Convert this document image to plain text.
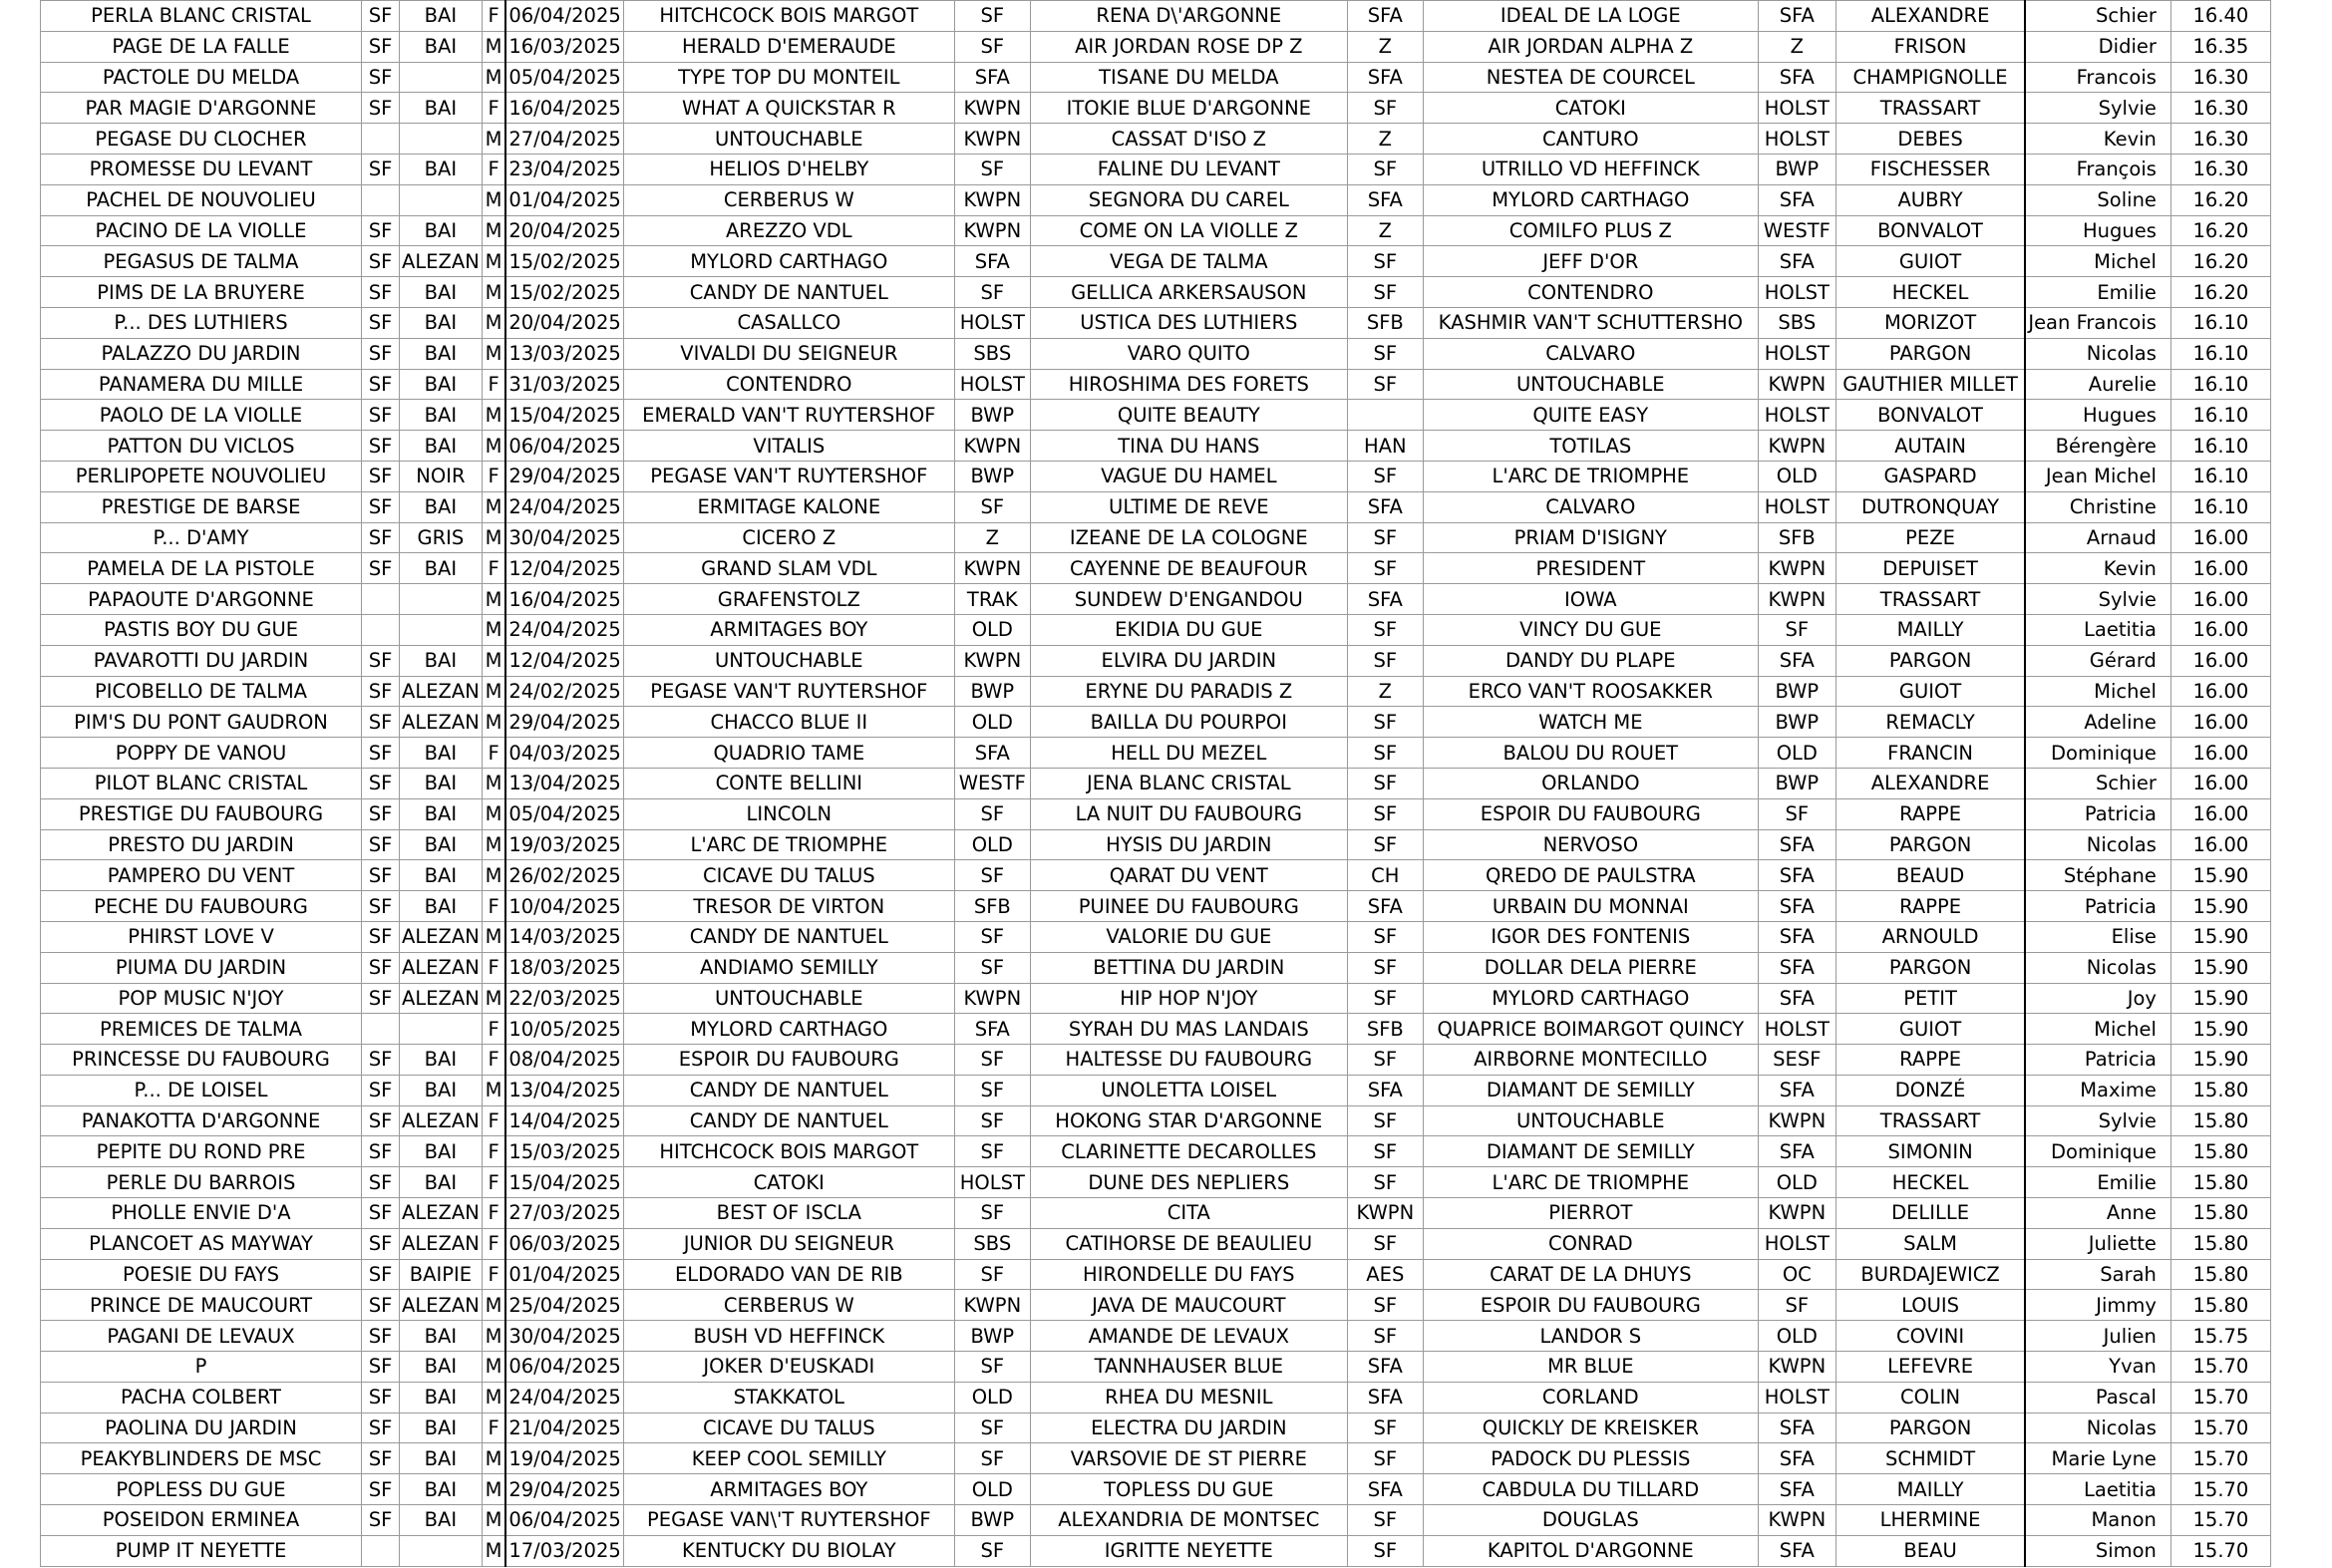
PERLA BLANC CRISTAL	SF	BAI	F	06/04/2025	HITCHCOCK BOIS MARGOT	SF	RENA D\'ARGONNE	SFA	IDEAL DE LA LOGE	SFA	ALEXANDRE	Schier	16.40
PAGE DE LA FALLE	SF	BAI	M	16/03/2025	HERALD D'EMERAUDE	SF	AIR JORDAN ROSE DP Z	Z	AIR JORDAN ALPHA Z	Z	FRISON	Didier	16.35
PACTOLE DU MELDA	SF		M	05/04/2025	TYPE TOP DU MONTEIL	SFA	TISANE DU MELDA	SFA	NESTEA DE COURCEL	SFA	CHAMPIGNOLLE	Francois	16.30
PAR MAGIE D'ARGONNE	SF	BAI	F	16/04/2025	WHAT A QUICKSTAR R	KWPN	ITOKIE BLUE D'ARGONNE	SF	CATOKI	HOLST	TRASSART	Sylvie	16.30
PEGASE DU CLOCHER			M	27/04/2025	UNTOUCHABLE	KWPN	CASSAT D'ISO Z	Z	CANTURO	HOLST	DEBES	Kevin	16.30
PROMESSE DU LEVANT	SF	BAI	F	23/04/2025	HELIOS D'HELBY	SF	FALINE DU LEVANT	SF	UTRILLO VD HEFFINCK	BWP	FISCHESSER	François	16.30
PACHEL DE NOUVOLIEU			M	01/04/2025	CERBERUS W	KWPN	SEGNORA DU CAREL	SFA	MYLORD CARTHAGO	SFA	AUBRY	Soline	16.20
PACINO DE LA VIOLLE	SF	BAI	M	20/04/2025	AREZZO VDL	KWPN	COME ON LA VIOLLE Z	Z	COMILFO PLUS Z	WESTF	BONVALOT	Hugues	16.20
PEGASUS DE TALMA	SF	ALEZAN	M	15/02/2025	MYLORD CARTHAGO	SFA	VEGA DE TALMA	SF	JEFF D'OR	SFA	GUIOT	Michel	16.20
PIMS DE LA BRUYERE	SF	BAI	M	15/02/2025	CANDY DE NANTUEL	SF	GELLICA ARKERSAUSON	SF	CONTENDRO	HOLST	HECKEL	Emilie	16.20
P... DES LUTHIERS	SF	BAI	M	20/04/2025	CASALLCO	HOLST	USTICA DES LUTHIERS	SFB	KASHMIR VAN'T SCHUTTERSHO	SBS	MORIZOT	Jean Francois	16.10
PALAZZO DU JARDIN	SF	BAI	M	13/03/2025	VIVALDI DU SEIGNEUR	SBS	VARO QUITO	SF	CALVARO	HOLST	PARGON	Nicolas	16.10
PANAMERA DU MILLE	SF	BAI	F	31/03/2025	CONTENDRO	HOLST	HIROSHIMA DES FORETS	SF	UNTOUCHABLE	KWPN	GAUTHIER MILLET	Aurelie	16.10
PAOLO DE LA VIOLLE	SF	BAI	M	15/04/2025	EMERALD VAN'T RUYTERSHOF	BWP	QUITE BEAUTY		QUITE EASY	HOLST	BONVALOT	Hugues	16.10
PATTON DU VICLOS	SF	BAI	M	06/04/2025	VITALIS	KWPN	TINA DU HANS	HAN	TOTILAS	KWPN	AUTAIN	Bérengère	16.10
PERLIPOPETE NOUVOLIEU	SF	NOIR	F	29/04/2025	PEGASE VAN'T RUYTERSHOF	BWP	VAGUE DU HAMEL	SF	L'ARC DE TRIOMPHE	OLD	GASPARD	Jean Michel	16.10
PRESTIGE DE BARSE	SF	BAI	M	24/04/2025	ERMITAGE KALONE	SF	ULTIME DE REVE	SFA	CALVARO	HOLST	DUTRONQUAY	Christine	16.10
P... D'AMY	SF	GRIS	M	30/04/2025	CICERO Z	Z	IZEANE DE LA COLOGNE	SF	PRIAM D'ISIGNY	SFB	PEZE	Arnaud	16.00
PAMELA DE LA PISTOLE	SF	BAI	F	12/04/2025	GRAND SLAM VDL	KWPN	CAYENNE DE BEAUFOUR	SF	PRESIDENT	KWPN	DEPUISET	Kevin	16.00
PAPAOUTE D'ARGONNE			M	16/04/2025	GRAFENSTOLZ	TRAK	SUNDEW D'ENGANDOU	SFA	IOWA	KWPN	TRASSART	Sylvie	16.00
PASTIS BOY DU GUE			M	24/04/2025	ARMITAGES BOY	OLD	EKIDIA DU GUE	SF	VINCY DU GUE	SF	MAILLY	Laetitia	16.00
PAVAROTTI DU JARDIN	SF	BAI	M	12/04/2025	UNTOUCHABLE	KWPN	ELVIRA DU JARDIN	SF	DANDY DU PLAPE	SFA	PARGON	Gérard	16.00
PICOBELLO DE TALMA	SF	ALEZAN	M	24/02/2025	PEGASE VAN'T RUYTERSHOF	BWP	ERYNE DU PARADIS Z	Z	ERCO VAN'T ROOSAKKER	BWP	GUIOT	Michel	16.00
PIM'S DU PONT GAUDRON	SF	ALEZAN	M	29/04/2025	CHACCO BLUE II	OLD	BAILLA DU POURPOI	SF	WATCH ME	BWP	REMACLY	Adeline	16.00
POPPY DE VANOU	SF	BAI	F	04/03/2025	QUADRIO TAME	SFA	HELL DU MEZEL	SF	BALOU DU ROUET	OLD	FRANCIN	Dominique	16.00
PILOT BLANC CRISTAL	SF	BAI	M	13/04/2025	CONTE BELLINI	WESTF	JENA BLANC CRISTAL	SF	ORLANDO	BWP	ALEXANDRE	Schier	16.00
PRESTIGE DU FAUBOURG	SF	BAI	M	05/04/2025	LINCOLN	SF	LA NUIT DU FAUBOURG	SF	ESPOIR DU FAUBOURG	SF	RAPPE	Patricia	16.00
PRESTO DU JARDIN	SF	BAI	M	19/03/2025	L'ARC DE TRIOMPHE	OLD	HYSIS DU JARDIN	SF	NERVOSO	SFA	PARGON	Nicolas	16.00
PAMPERO DU VENT	SF	BAI	M	26/02/2025	CICAVE DU TALUS	SF	QARAT DU VENT	CH	QREDO DE PAULSTRA	SFA	BEAUD	Stéphane	15.90
PECHE DU FAUBOURG	SF	BAI	F	10/04/2025	TRESOR DE VIRTON	SFB	PUINEE DU FAUBOURG	SFA	URBAIN DU MONNAI	SFA	RAPPE	Patricia	15.90
PHIRST LOVE V	SF	ALEZAN	M	14/03/2025	CANDY DE NANTUEL	SF	VALORIE DU GUE	SF	IGOR DES FONTENIS	SFA	ARNOULD	Elise	15.90
PIUMA DU JARDIN	SF	ALEZAN	F	18/03/2025	ANDIAMO SEMILLY	SF	BETTINA DU JARDIN	SF	DOLLAR DELA PIERRE	SFA	PARGON	Nicolas	15.90
POP MUSIC N'JOY	SF	ALEZAN	M	22/03/2025	UNTOUCHABLE	KWPN	HIP HOP N'JOY	SF	MYLORD CARTHAGO	SFA	PETIT	Joy	15.90
PREMICES DE TALMA			F	10/05/2025	MYLORD CARTHAGO	SFA	SYRAH DU MAS LANDAIS	SFB	QUAPRICE BOIMARGOT QUINCY	HOLST	GUIOT	Michel	15.90
PRINCESSE DU FAUBOURG	SF	BAI	F	08/04/2025	ESPOIR DU FAUBOURG	SF	HALTESSE DU FAUBOURG	SF	AIRBORNE MONTECILLO	SESF	RAPPE	Patricia	15.90
P... DE LOISEL	SF	BAI	M	13/04/2025	CANDY DE NANTUEL	SF	UNOLETTA LOISEL	SFA	DIAMANT DE SEMILLY	SFA	DONZÉ	Maxime	15.80
PANAKOTTA D'ARGONNE	SF	ALEZAN	F	14/04/2025	CANDY DE NANTUEL	SF	HOKONG STAR D'ARGONNE	SF	UNTOUCHABLE	KWPN	TRASSART	Sylvie	15.80
PEPITE DU ROND PRE	SF	BAI	F	15/03/2025	HITCHCOCK BOIS MARGOT	SF	CLARINETTE DECAROLLES	SF	DIAMANT DE SEMILLY	SFA	SIMONIN	Dominique	15.80
PERLE DU BARROIS	SF	BAI	F	15/04/2025	CATOKI	HOLST	DUNE DES NEPLIERS	SF	L'ARC DE TRIOMPHE	OLD	HECKEL	Emilie	15.80
PHOLLE ENVIE D'A	SF	ALEZAN	F	27/03/2025	BEST OF ISCLA	SF	CITA	KWPN	PIERROT	KWPN	DELILLE	Anne	15.80
PLANCOET AS MAYWAY	SF	ALEZAN	F	06/03/2025	JUNIOR DU SEIGNEUR	SBS	CATIHORSE DE BEAULIEU	SF	CONRAD	HOLST	SALM	Juliette	15.80
POESIE DU FAYS	SF	BAIPIE	F	01/04/2025	ELDORADO VAN DE RIB	SF	HIRONDELLE DU FAYS	AES	CARAT DE LA DHUYS	OC	BURDAJEWICZ	Sarah	15.80
PRINCE DE MAUCOURT	SF	ALEZAN	M	25/04/2025	CERBERUS W	KWPN	JAVA DE MAUCOURT	SF	ESPOIR DU FAUBOURG	SF	LOUIS	Jimmy	15.80
PAGANI DE LEVAUX	SF	BAI	M	30/04/2025	BUSH VD HEFFINCK	BWP	AMANDE DE LEVAUX	SF	LANDOR S	OLD	COVINI	Julien	15.75
P	SF	BAI	M	06/04/2025	JOKER D'EUSKADI	SF	TANNHAUSER BLUE	SFA	MR BLUE	KWPN	LEFEVRE	Yvan	15.70
PACHA COLBERT	SF	BAI	M	24/04/2025	STAKKATOL	OLD	RHEA DU MESNIL	SFA	CORLAND	HOLST	COLIN	Pascal	15.70
PAOLINA DU JARDIN	SF	BAI	F	21/04/2025	CICAVE DU TALUS	SF	ELECTRA DU JARDIN	SF	QUICKLY DE KREISKER	SFA	PARGON	Nicolas	15.70
PEAKYBLINDERS DE MSC	SF	BAI	M	19/04/2025	KEEP COOL SEMILLY	SF	VARSOVIE DE ST PIERRE	SF	PADOCK DU PLESSIS	SFA	SCHMIDT	Marie Lyne	15.70
POPLESS DU GUE	SF	BAI	M	29/04/2025	ARMITAGES BOY	OLD	TOPLESS DU GUE	SFA	CABDULA DU TILLARD	SFA	MAILLY	Laetitia	15.70
POSEIDON ERMINEA	SF	BAI	M	06/04/2025	PEGASE VAN\'T RUYTERSHOF	BWP	ALEXANDRIA DE MONTSEC	SF	DOUGLAS	KWPN	LHERMINE	Manon	15.70
PUMP IT NEYETTE			M	17/03/2025	KENTUCKY DU BIOLAY	SF	IGRITTE NEYETTE	SF	KAPITOL D'ARGONNE	SFA	BEAU	Simon	15.70
